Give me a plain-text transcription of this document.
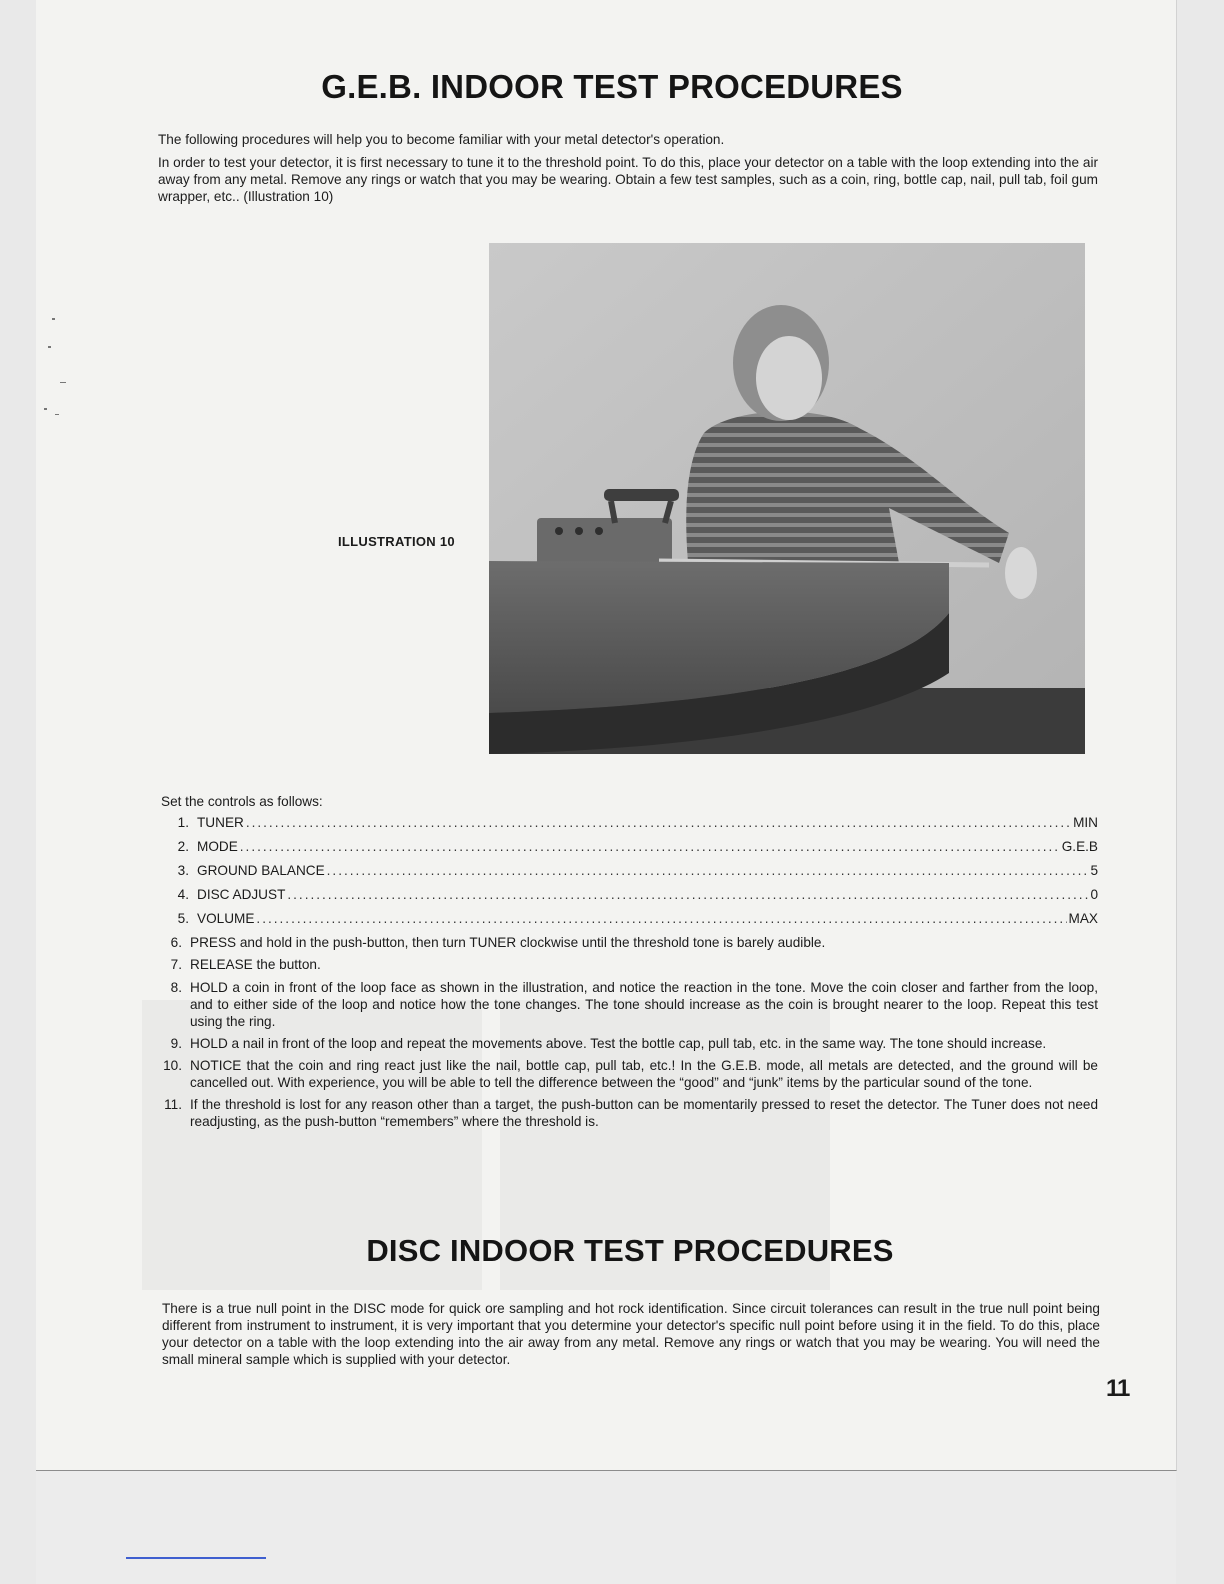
G.E.B. INDOOR TEST PROCEDURES

The following procedures will help you to become familiar with your metal detector's operation.

In order to test your detector, it is first necessary to tune it to the threshold point. To do this, place your detector on a table with the loop extending into the air away from any metal. Remove any rings or watch that you may be wearing. Obtain a few test samples, such as a coin, ring, bottle cap, nail, pull tab, foil gum wrapper, etc.. (Illustration 10)

ILLUSTRATION 10
Set the controls as follows:
1. TUNER .....	MIN
2. MODE .....	G.E.B
3. GROUND BALANCE .....	5
4. DISC ADJUST .....	0
5. VOLUME .....	MAX
6. PRESS and hold in the push-button, then turn TUNER clockwise until the threshold tone is barely audible.
7. RELEASE the button.
8. HOLD a coin in front of the loop face as shown in the illustration, and notice the reaction in the tone. Move the coin closer and farther from the loop, and to either side of the loop and notice how the tone changes. The tone should increase as the coin is brought nearer to the loop. Repeat this test using the ring.
9. HOLD a nail in front of the loop and repeat the movements above. Test the bottle cap, pull tab, etc. in the same way. The tone should increase.
10. NOTICE that the coin and ring react just like the nail, bottle cap, pull tab, etc.! In the G.E.B. mode, all metals are detected, and the ground will be cancelled out. With experience, you will be able to tell the difference between the “good” and “junk” items by the particular sound of the tone.
11. If the threshold is lost for any reason other than a target, the push-button can be momentarily pressed to reset the detector. The Tuner does not need readjusting, as the push-button “remembers” where the threshold is.
DISC INDOOR TEST PROCEDURES

There is a true null point in the DISC mode for quick ore sampling and hot rock identification. Since circuit tolerances can result in the true null point being different from instrument to instrument, it is very important that you determine your detector's specific null point before using it in the field. To do this, place your detector on a table with the loop extending into the air away from any metal. Remove any rings or watch that you may be wearing. You will need the small mineral sample which is supplied with your detector.

11
